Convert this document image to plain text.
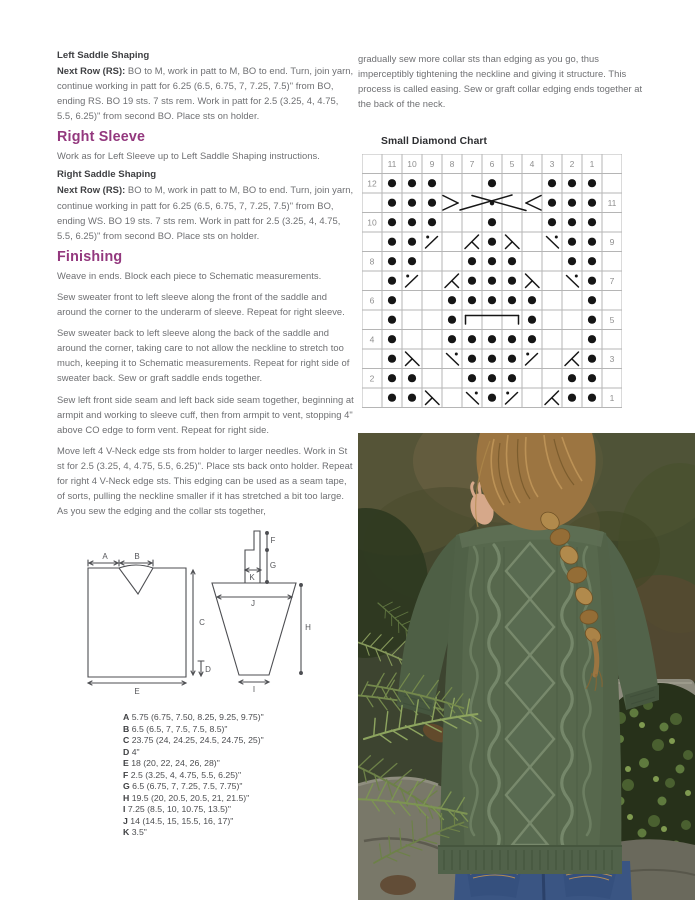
Left Saddle Shaping

Next Row (RS): BO to M, work in patt to M, BO to end. Turn, join yarn, continue working in patt for 6.25 (6.5, 6.75, 7, 7.25, 7.5)" from BO, ending RS. BO 19 sts. 7 sts rem. Work in patt for 2.5 (3.25, 4, 4.75, 5.5, 6.25)" from second BO. Place sts on holder.

Right Sleeve

Work as for Left Sleeve up to Left Saddle Shaping instructions.

Right Saddle Shaping

Next Row (RS): BO to M, work in patt to M, BO to end. Turn, join yarn, continue working in patt for 6.25 (6.5, 6.75, 7, 7.25, 7.5)" from BO, ending WS. BO 19 sts. 7 sts rem. Work in patt for 2.5 (3.25, 4, 4.75, 5.5, 6.25)" from second BO. Place sts on holder.

Finishing

Weave in ends. Block each piece to Schematic measurements.

Sew sweater front to left sleeve along the front of the saddle and around the corner to the underarm of sleeve. Repeat for right sleeve.

Sew sweater back to left sleeve along the back of the saddle and around the corner, taking care to not allow the neckline to stretch too much, keeping it to Schematic measurements. Repeat for right side of sweater back. Sew or graft saddle ends together.

Sew left front side seam and left back side seam together, beginning at armpit and working to sleeve cuff, then from armpit to vent, stopping 4" above CO edge to form vent. Repeat for right side.

Move left 4 V-Neck edge sts from holder to larger needles. Work in St st for 2.5 (3.25, 4, 4.75, 5.5, 6.25)". Place sts back onto holder. Repeat for right 4 V-Neck edge sts. This edging can be used as a seam tape, of sorts, pulling the neckline smaller if it has stretched a bit too large. As you sew the edging and the collar sts together,

gradually sew more collar sts than edging as you go, thus imperceptibly tightening the neckline and giving it structure. This process is called easing. Sew or graft collar edging ends together at the back of the neck.

Small Diamond Chart
11 10 9 8 7 6 5 4 3 2 1
12
11
10
9
8
7
6
5
4
3
2
1
A	B
C
D
E
F
G
H
I
J
K
A 5.75 (6.75, 7.50, 8.25, 9.25, 9.75)"
B 6.5 (6.5, 7, 7.5, 7.5, 8.5)"
C 23.75 (24, 24.25, 24.5, 24.75, 25)"
D 4"
E 18 (20, 22, 24, 26, 28)"
F 2.5 (3.25, 4, 4.75, 5.5, 6.25)"
G 6.5 (6.75, 7, 7.25, 7.5, 7.75)"
H 19.5 (20, 20.5, 20.5, 21, 21.5)"
I 7.25 (8.5, 10, 10.75, 13.5)"
J 14 (14.5, 15, 15.5, 16, 17)"
K 3.5"
